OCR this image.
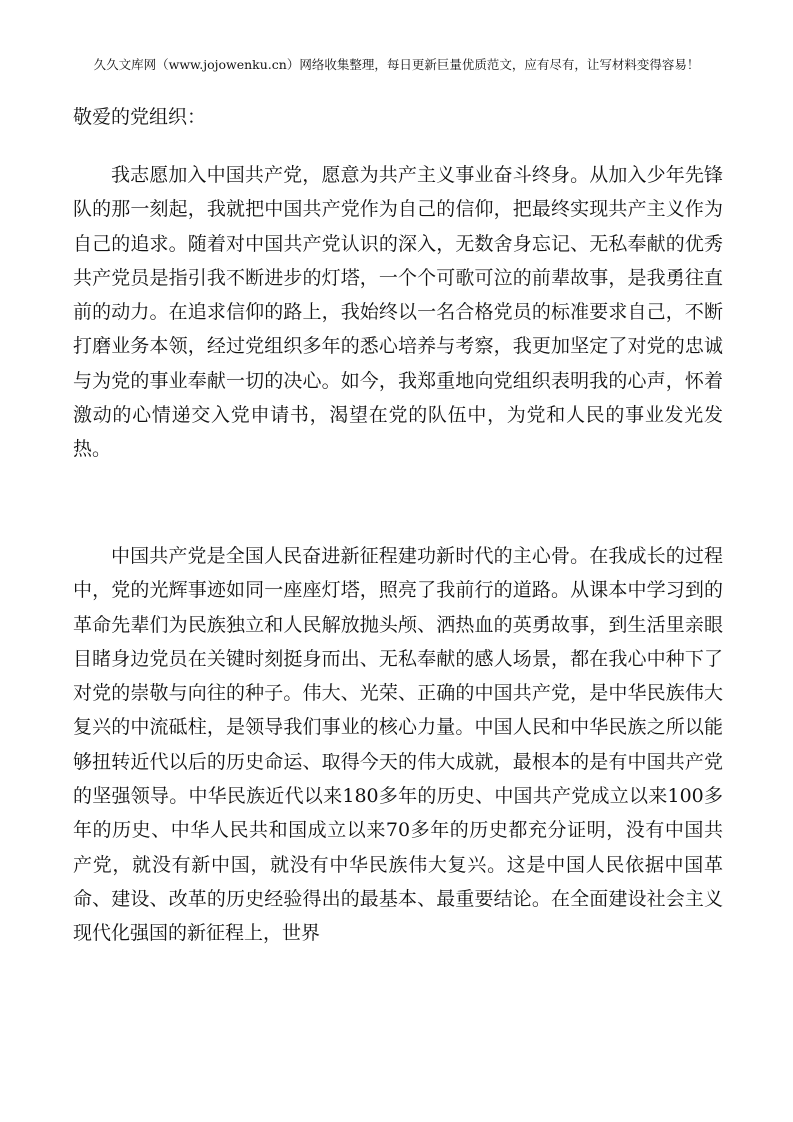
久久文库网（www.jojowenku.cn）网络收集整理，每日更新巨量优质范文，应有尽有，让写材料变得容易！
敬爱的党组织：

我志愿加入中国共产党，愿意为共产主义事业奋斗终身。从加入少年先锋队的那一刻起，我就把中国共产党作为自己的信仰，把最终实现共产主义作为自己的追求。随着对中国共产党认识的深入，无数舍身忘记、无私奉献的优秀共产党员是指引我不断进步的灯塔，一个个可歌可泣的前辈故事，是我勇往直前的动力。在追求信仰的路上，我始终以一名合格党员的标准要求自己，不断打磨业务本领，经过党组织多年的悉心培养与考察，我更加坚定了对党的忠诚与为党的事业奉献一切的决心。如今，我郑重地向党组织表明我的心声，怀着激动的心情递交入党申请书，渴望在党的队伍中，为党和人民的事业发光发热。

中国共产党是全国人民奋进新征程建功新时代的主心骨。在我成长的过程中，党的光辉事迹如同一座座灯塔，照亮了我前行的道路。从课本中学习到的革命先辈们为民族独立和人民解放抛头颅、洒热血的英勇故事，到生活里亲眼目睹身边党员在关键时刻挺身而出、无私奉献的感人场景，都在我心中种下了对党的崇敬与向往的种子。伟大、光荣、正确的中国共产党，是中华民族伟大复兴的中流砥柱，是领导我们事业的核心力量。中国人民和中华民族之所以能够扭转近代以后的历史命运、取得今天的伟大成就，最根本的是有中国共产党的坚强领导。中华民族近代以来180多年的历史、中国共产党成立以来100多年的历史、中华人民共和国成立以来70多年的历史都充分证明，没有中国共产党，就没有新中国，就没有中华民族伟大复兴。这是中国人民依据中国革命、建设、改革的历史经验得出的最基本、最重要结论。在全面建设社会主义现代化强国的新征程上，世界
